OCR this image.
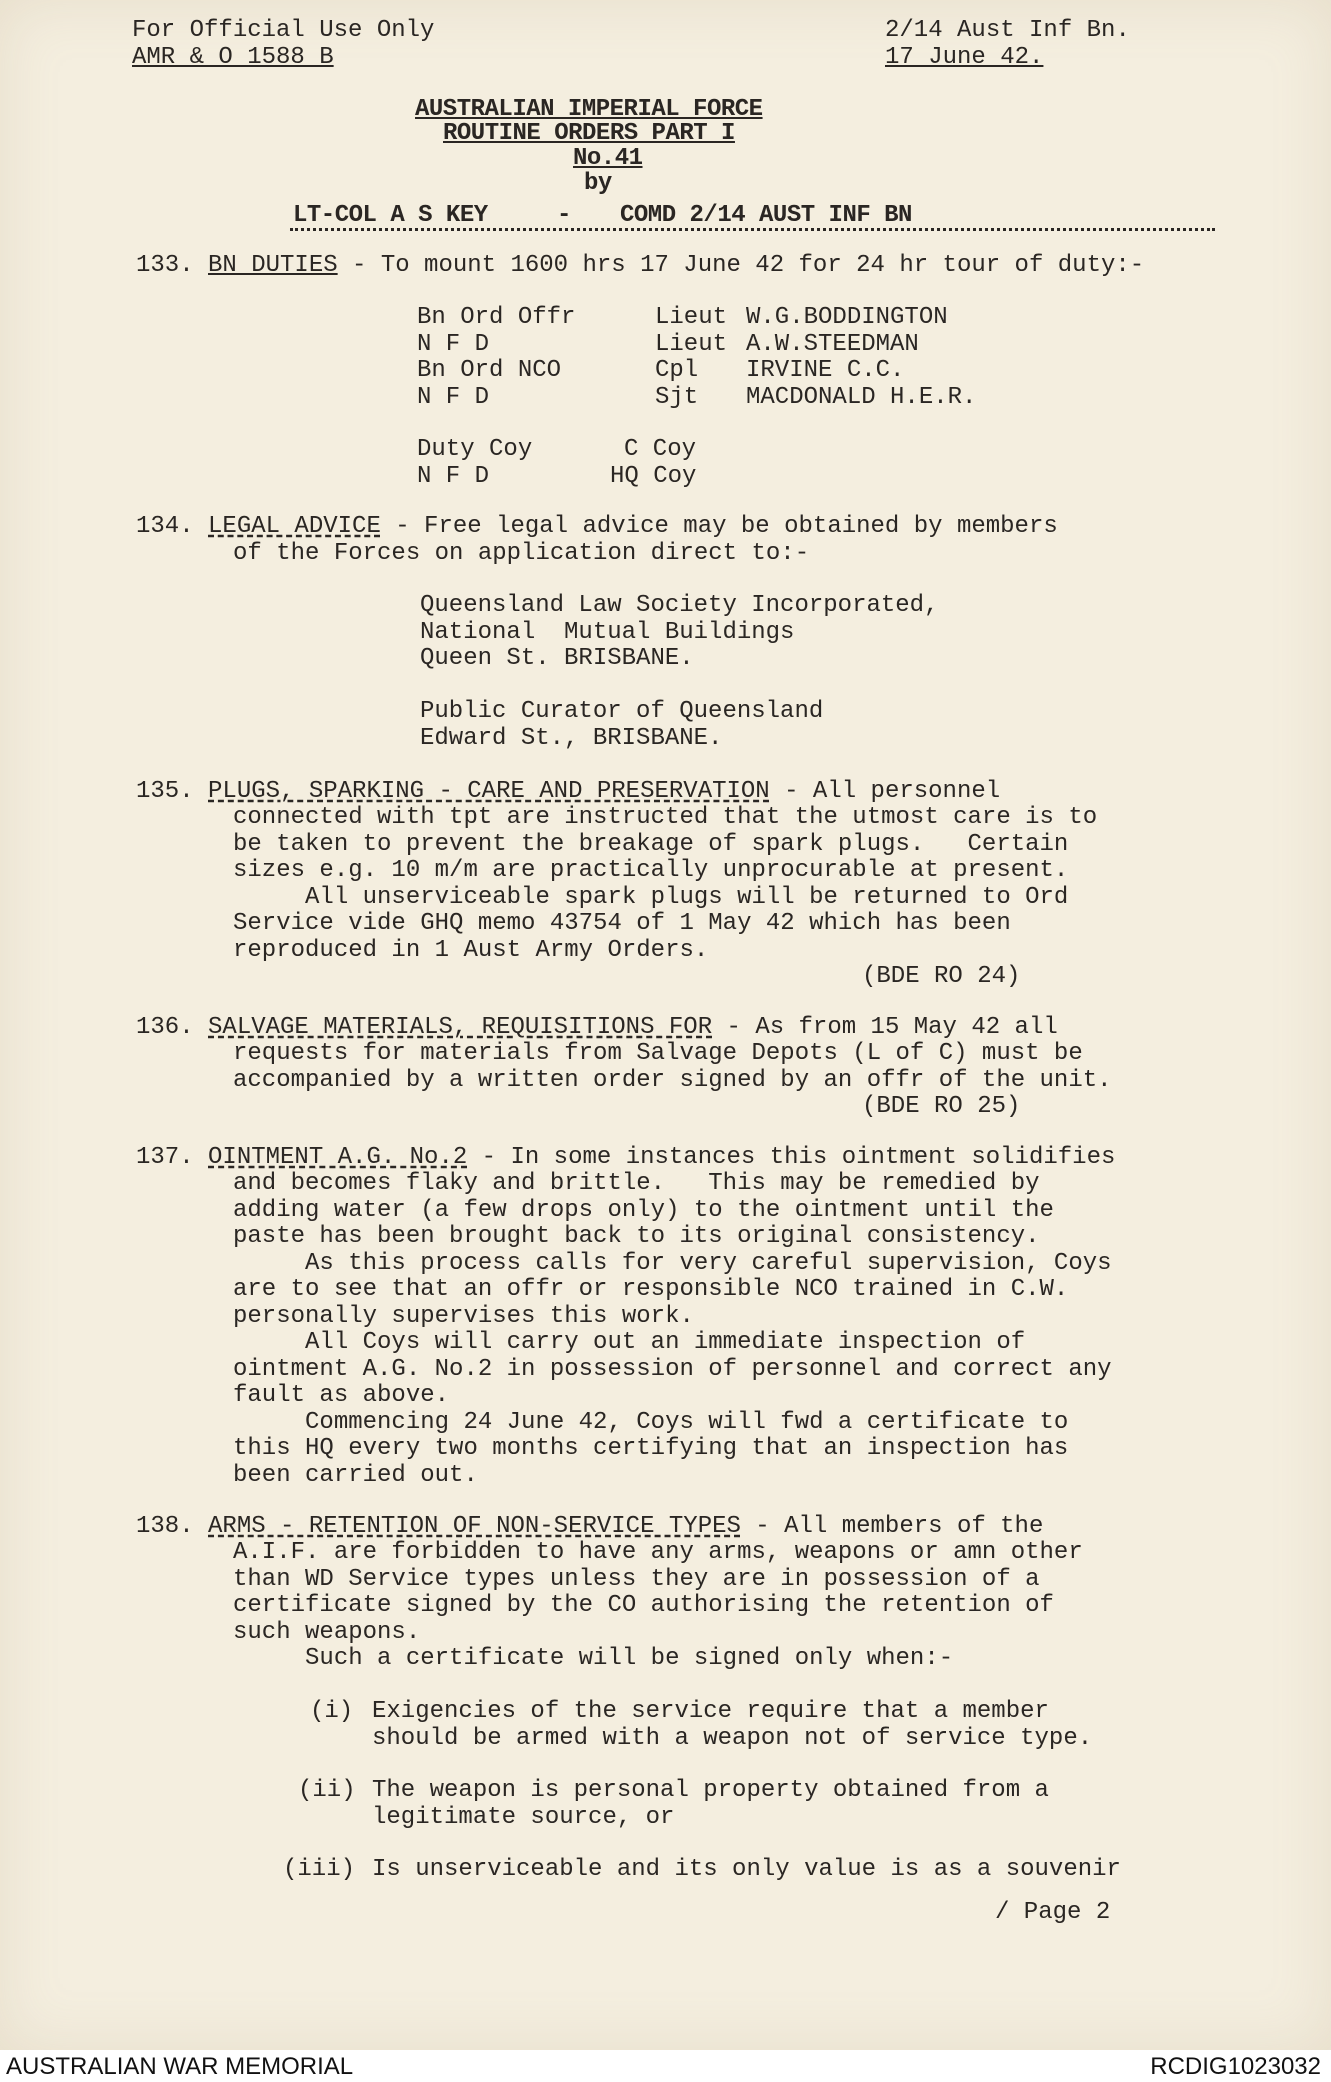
For Official Use Only
AMR & O 1588 B
2/14 Aust Inf Bn.
17 June 42.
AUSTRALIAN IMPERIAL FORCE
ROUTINE ORDERS PART I
No.41
by
LT-COL A S KEY	- COMD 2/14 AUST INF BN
133. BN DUTIES - To mount 1600 hrs 17 June 42 for 24 hr tour of duty:-
Bn Ord Offr
N F D
Bn Ord NCO
N F D
Lieut
Lieut
Cpl
Sjt
W.G.BODDINGTON
A.W.STEEDMAN
IRVINE C.C.
MACDONALD H.E.R.
Duty Coy
N F D
C Coy
HQ Coy
134. LEGAL ADVICE - Free legal advice may be obtained by members
of the Forces on application direct to:-
Queensland Law Society Incorporated,
National  Mutual Buildings
Queen St. BRISBANE.
Public Curator of Queensland
Edward St., BRISBANE.
135. PLUGS, SPARKING - CARE AND PRESERVATION - All personnel
connected with tpt are instructed that the utmost care is to
be taken to prevent the breakage of spark plugs.   Certain
sizes e.g. 10 m/m are practically unprocurable at present.
All unserviceable spark plugs will be returned to Ord
Service vide GHQ memo 43754 of 1 May 42 which has been
reproduced in 1 Aust Army Orders.
(BDE RO 24)
136. SALVAGE MATERIALS, REQUISITIONS FOR - As from 15 May 42 all
requests for materials from Salvage Depots (L of C) must be
accompanied by a written order signed by an offr of the unit.
(BDE RO 25)
137. OINTMENT A.G. No.2 - In some instances this ointment solidifies
and becomes flaky and brittle.   This may be remedied by
adding water (a few drops only) to the ointment until the
paste has been brought back to its original consistency.
As this process calls for very careful supervision, Coys
are to see that an offr or responsible NCO trained in C.W.
personally supervises this work.
All Coys will carry out an immediate inspection of
ointment A.G. No.2 in possession of personnel and correct any
fault as above.
Commencing 24 June 42, Coys will fwd a certificate to
this HQ every two months certifying that an inspection has
been carried out.
138. ARMS - RETENTION OF NON-SERVICE TYPES - All members of the
A.I.F. are forbidden to have any arms, weapons or amn other
than WD Service types unless they are in possession of a
certificate signed by the CO authorising the retention of
such weapons.
Such a certificate will be signed only when:-
(i) Exigencies of the service require that a member
should be armed with a weapon not of service type.
(ii) The weapon is personal property obtained from a
legitimate source, or
(iii) Is unserviceable and its only value is as a souvenir
/ Page 2
AUSTRALIAN WAR MEMORIAL	RCDIG1023032
